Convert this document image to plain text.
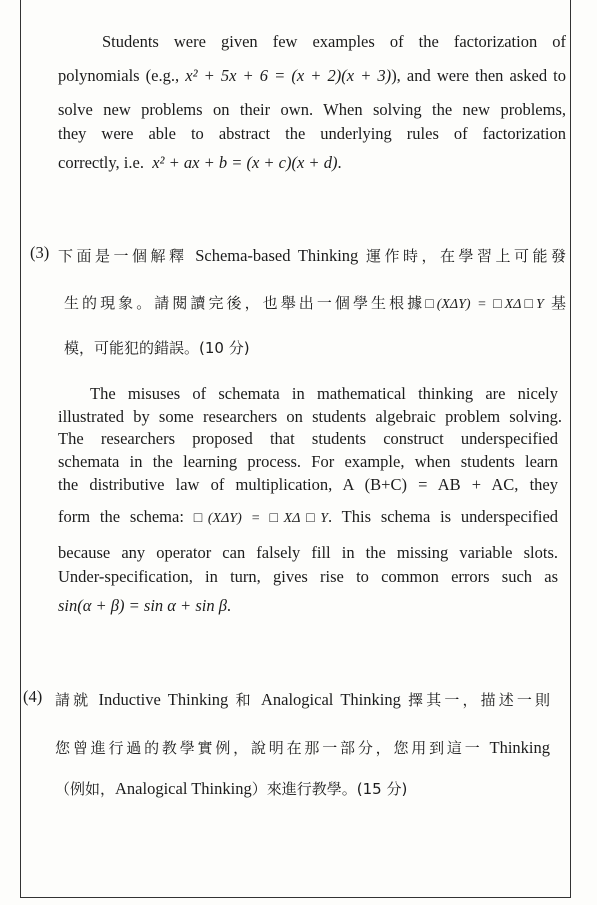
Students were given few examples of the factorization of
polynomials (e.g., x² + 5x + 6 = (x + 2)(x + 3)), and were then asked to
solve new problems on their own. When solving the new problems,
they were able to abstract the underlying rules of factorization
correctly, i.e. x² + ax + b = (x + c)(x + d).
(3) 下面是一個解釋 Schema-based Thinking 運作時，在學習上可能發
生的現象。請閱讀完後，也舉出一個學生根據□(XΔY) = □XΔ□Y 基
模，可能犯的錯誤。(10 分)
The misuses of schemata in mathematical thinking are nicely
illustrated by some researchers on students algebraic problem solving.
The researchers proposed that students construct underspecified
schemata in the learning process. For example, when students learn
the distributive law of multiplication, A (B+C) = AB + AC, they
form the schema: □(XΔY) = □XΔ□Y. This schema is underspecified
because any operator can falsely fill in the missing variable slots.
Under-specification, in turn, gives rise to common errors such as
sin(α + β) = sin α + sin β.
(4) 請就 Inductive Thinking 和 Analogical Thinking 擇其一，描述一則
您曾進行過的教學實例，說明在那一部分，您用到這一 Thinking
（例如，Analogical Thinking）來進行教學。(15 分)
